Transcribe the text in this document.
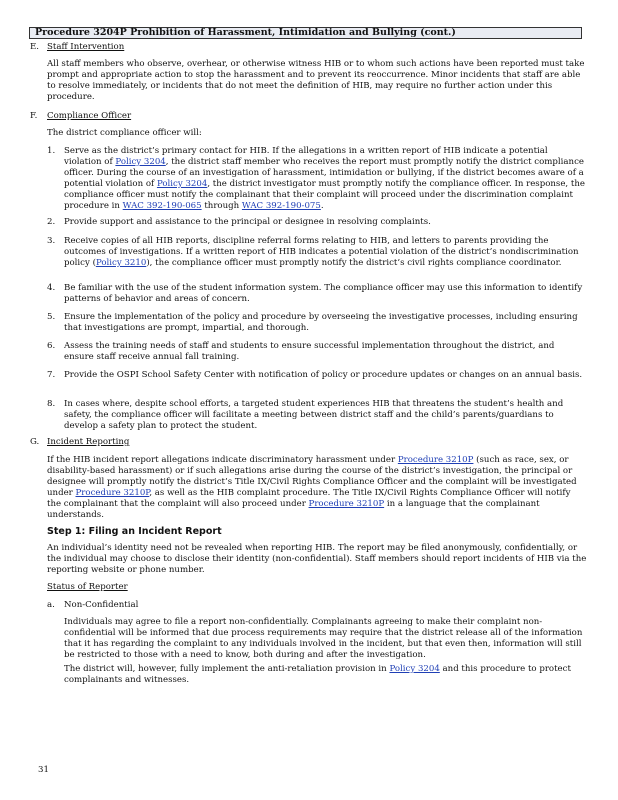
Procedure 3204P Prohibition of Harassment, Intimidation and Bullying (cont.)
E. Staff Intervention
All staff members who observe, overhear, or otherwise witness HIB or to whom such actions have been reported must take prompt and appropriate action to stop the harassment and to prevent its reoccurrence. Minor incidents that staff are able to resolve immediately, or incidents that do not meet the definition of HIB, may require no further action under this procedure.
F. Compliance Officer
The district compliance officer will:
1. Serve as the district’s primary contact for HIB. If the allegations in a written report of HIB indicate a potential violation of Policy 3204, the district staff member who receives the report must promptly notify the district compliance officer. During the course of an investigation of harassment, intimidation or bullying, if the district becomes aware of a potential violation of Policy 3204, the district investigator must promptly notify the compliance officer. In response, the compliance officer must notify the complainant that their complaint will proceed under the discrimination complaint procedure in WAC 392-190-065 through WAC 392-190-075.
2. Provide support and assistance to the principal or designee in resolving complaints.
3. Receive copies of all HIB reports, discipline referral forms relating to HIB, and letters to parents providing the outcomes of investigations. If a written report of HIB indicates a potential violation of the district’s nondiscrimination policy (Policy 3210), the compliance officer must promptly notify the district’s civil rights compliance coordinator.
4. Be familiar with the use of the student information system. The compliance officer may use this information to identify patterns of behavior and areas of concern.
5. Ensure the implementation of the policy and procedure by overseeing the investigative processes, including ensuring that investigations are prompt, impartial, and thorough.
6. Assess the training needs of staff and students to ensure successful implementation throughout the district, and ensure staff receive annual fall training.
7. Provide the OSPI School Safety Center with notification of policy or procedure updates or changes on an annual basis.
8. In cases where, despite school efforts, a targeted student experiences HIB that threatens the student’s health and safety, the compliance officer will facilitate a meeting between district staff and the child’s parents/guardians to develop a safety plan to protect the student.
G. Incident Reporting
If the HIB incident report allegations indicate discriminatory harassment under Procedure 3210P (such as race, sex, or disability-based harassment) or if such allegations arise during the course of the district’s investigation, the principal or designee will promptly notify the district’s Title IX/Civil Rights Compliance Officer and the complaint will be investigated under Procedure 3210P, as well as the HIB complaint procedure. The Title IX/Civil Rights Compliance Officer will notify the complainant that the complaint will also proceed under Procedure 3210P in a language that the complainant understands.
Step 1: Filing an Incident Report
An individual’s identity need not be revealed when reporting HIB. The report may be filed anonymously, confidentially, or the individual may choose to disclose their identity (non-confidential). Staff members should report incidents of HIB via the reporting website or phone number.
Status of Reporter
a. Non-Confidential
Individuals may agree to file a report non-confidentially. Complainants agreeing to make their complaint non-confidential will be informed that due process requirements may require that the district release all of the information that it has regarding the complaint to any individuals involved in the incident, but that even then, information will still be restricted to those with a need to know, both during and after the investigation.
The district will, however, fully implement the anti-retaliation provision in Policy 3204 and this procedure to protect complainants and witnesses.
31
